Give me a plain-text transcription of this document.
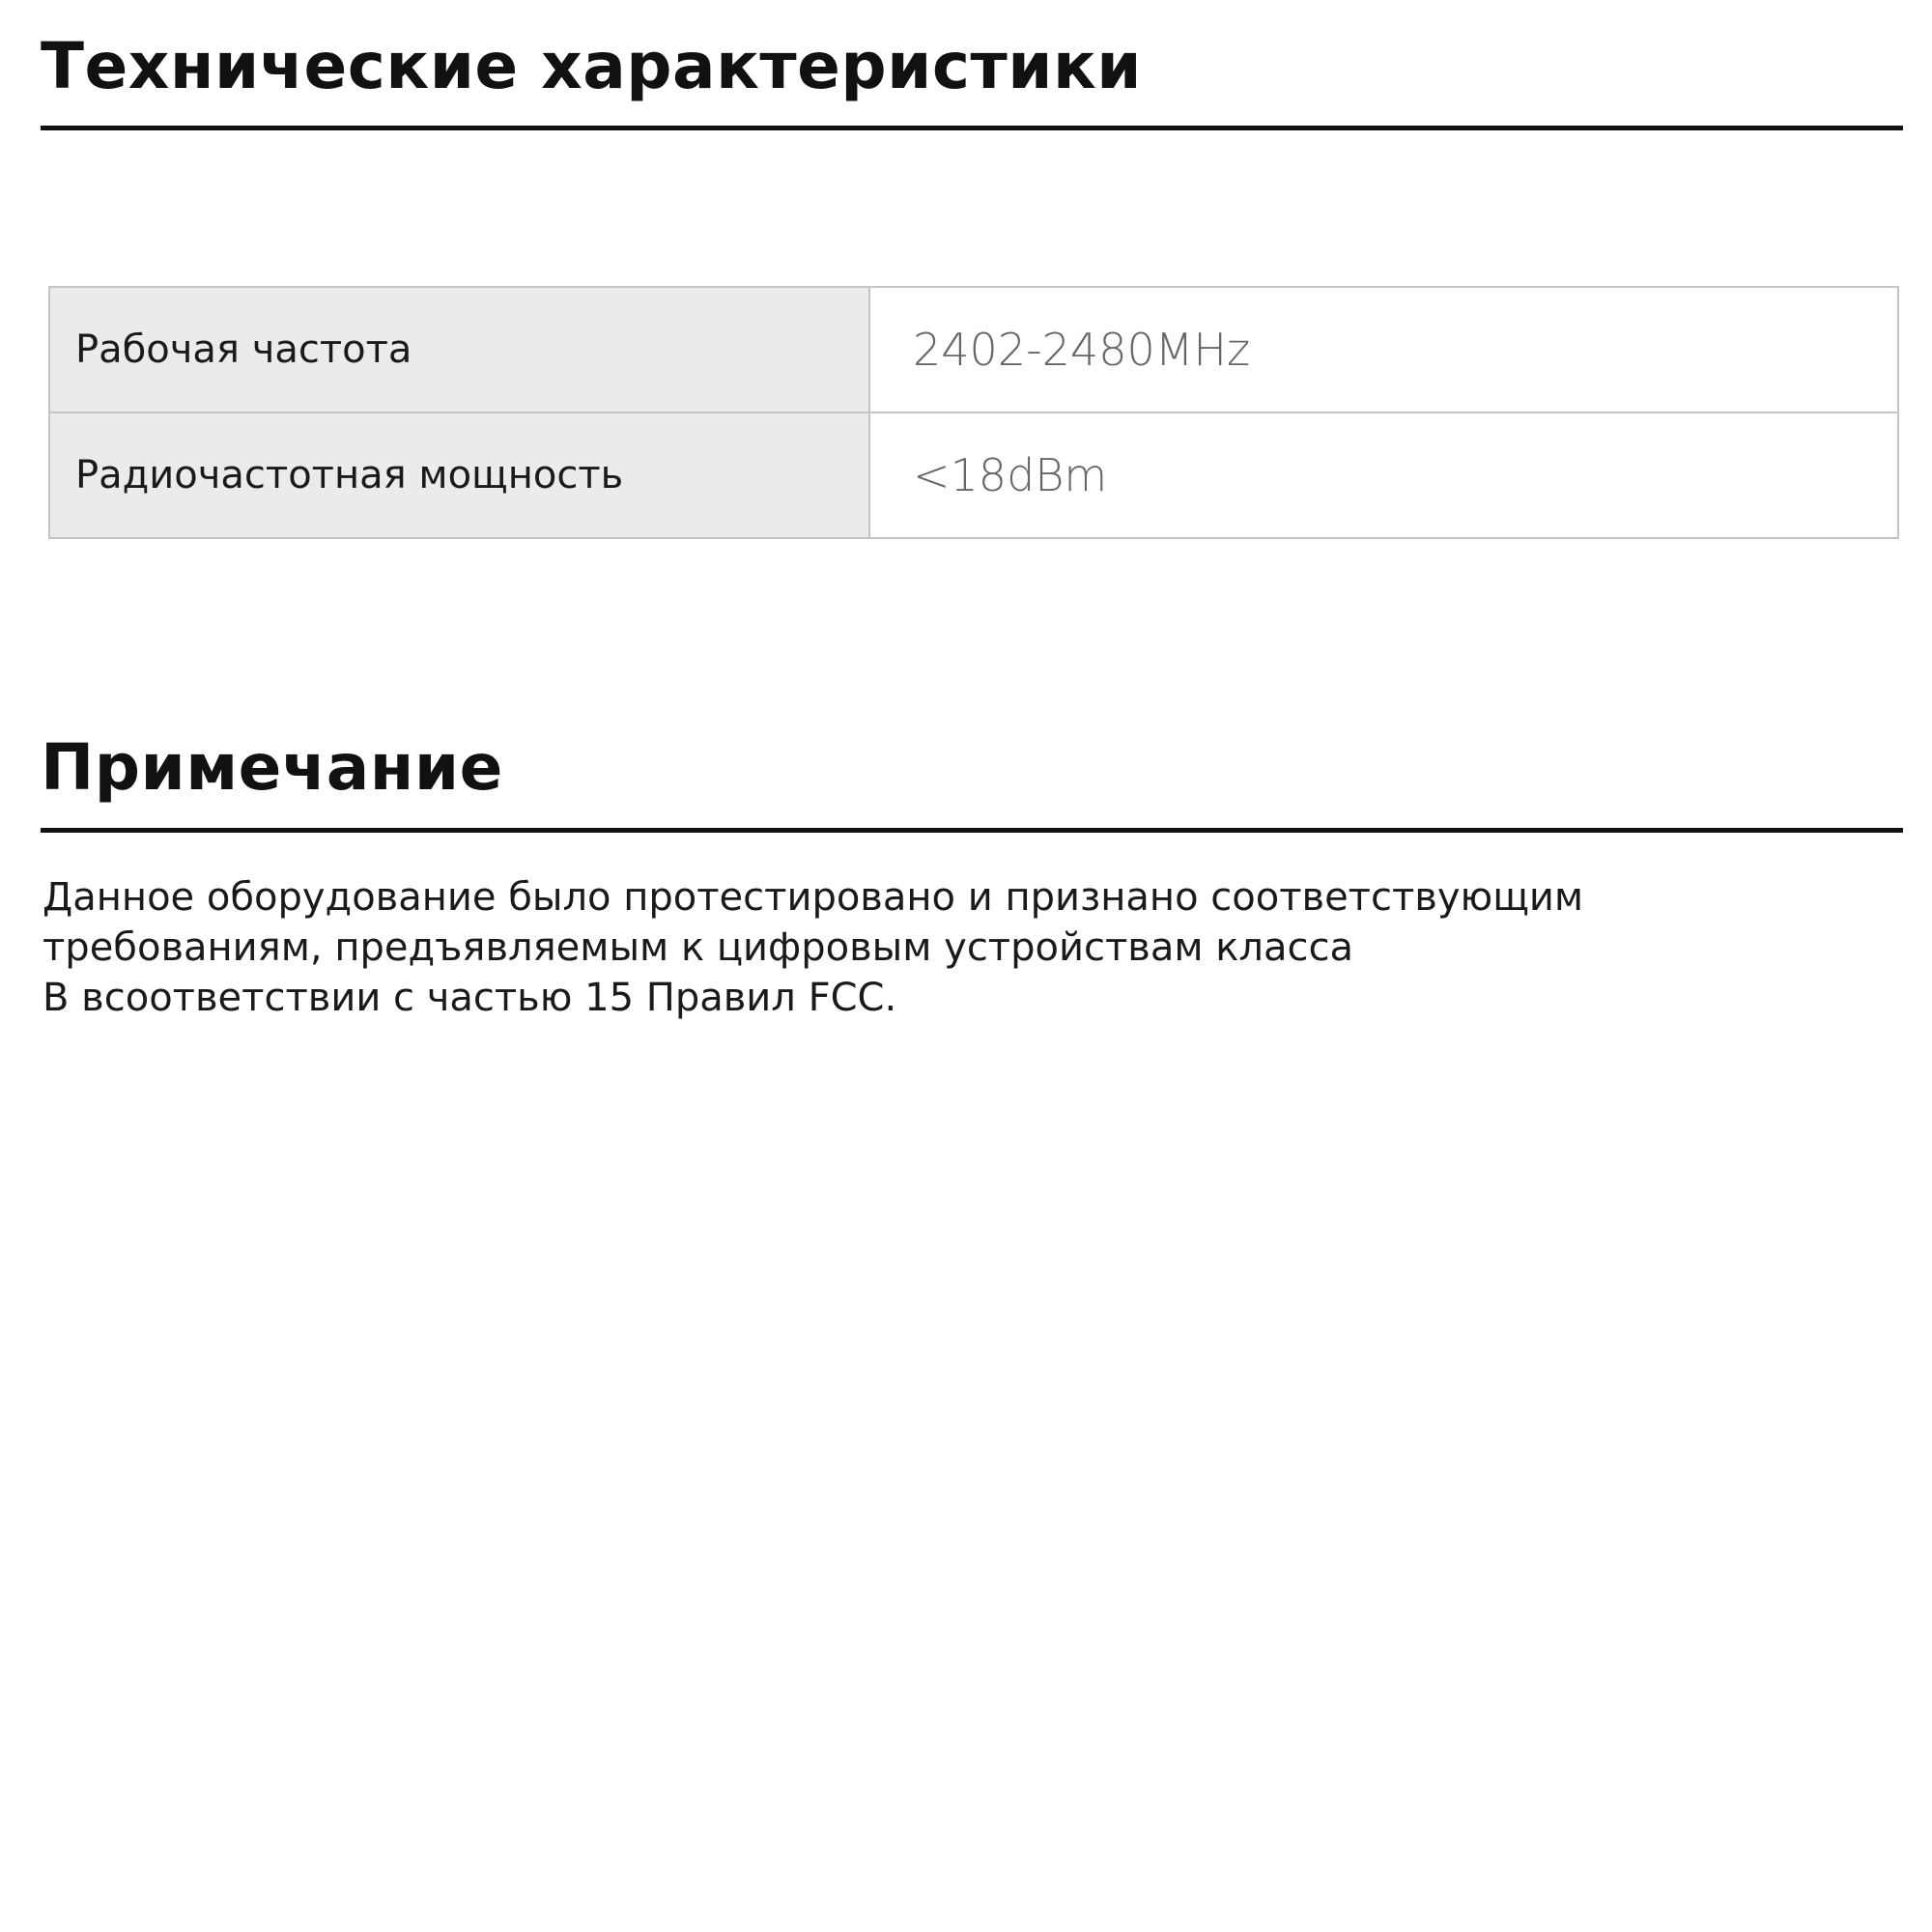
Технические характеристики
Рабочая частота	2402-2480MHz
Радиочастотная мощность	<18dBm
Примечание

Данное оборудование было протестировано и признано соответствующим
требованиям, предъявляемым к цифровым устройствам класса
В всоответствии с частью 15 Правил FCC.
